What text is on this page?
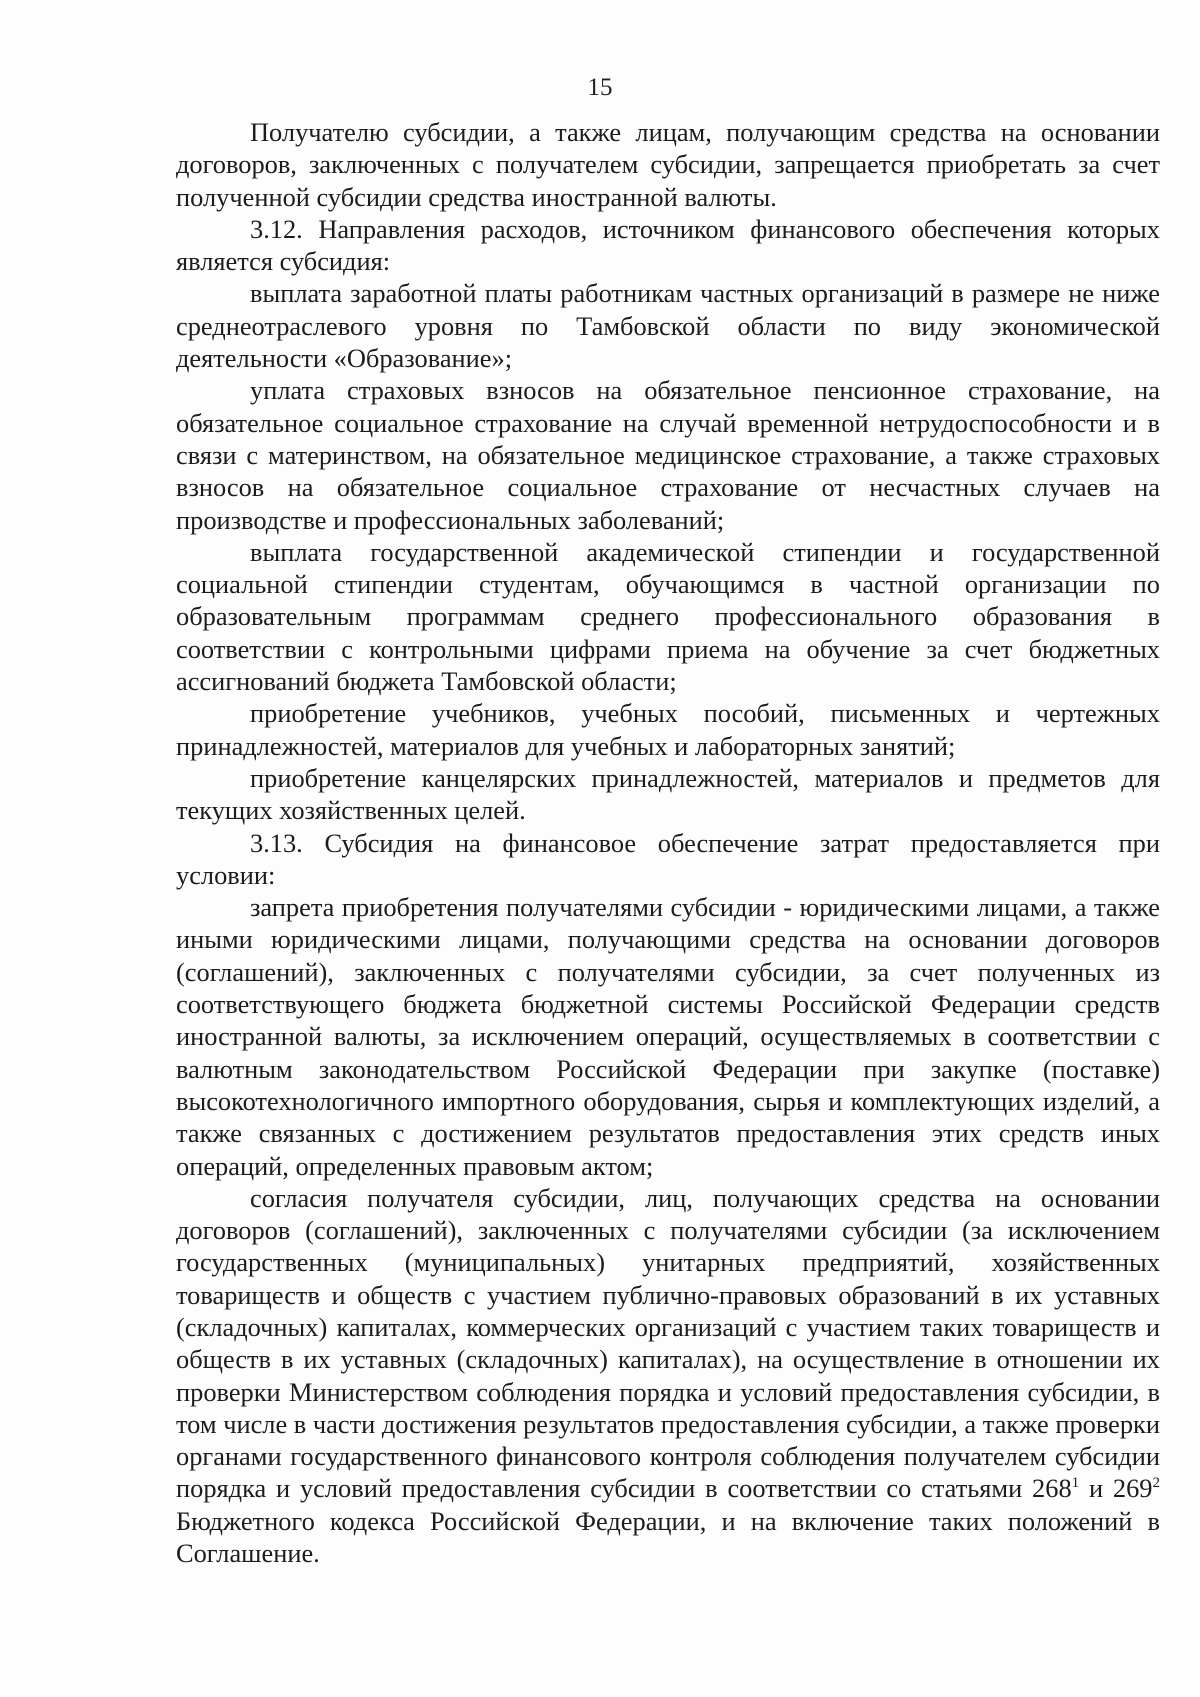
15

Получателю субсидии, а также лицам, получающим средства на основании договоров, заключенных с получателем субсидии, запрещается приобретать за счет полученной субсидии средства иностранной валюты.

3.12. Направления расходов, источником финансового обеспечения которых является субсидия:

выплата заработной платы работникам частных организаций в размере не ниже среднеотраслевого уровня по Тамбовской области по виду экономической деятельности «Образование»;

уплата страховых взносов на обязательное пенсионное страхование, на обязательное социальное страхование на случай временной нетрудоспособности и в связи с материнством, на обязательное медицинское страхование, а также страховых взносов на обязательное социальное страхование от несчастных случаев на производстве и профессиональных заболеваний;

выплата государственной академической стипендии и государственной социальной стипендии студентам, обучающимся в частной организации по образовательным программам среднего профессионального образования в соответствии с контрольными цифрами приема на обучение за счет бюджетных ассигнований бюджета Тамбовской области;

приобретение учебников, учебных пособий, письменных и чертежных принадлежностей, материалов для учебных и лабораторных занятий;

приобретение канцелярских принадлежностей, материалов и предметов для текущих хозяйственных целей.

3.13. Субсидия на финансовое обеспечение затрат предоставляется при условии:

запрета приобретения получателями субсидии - юридическими лицами, а также иными юридическими лицами, получающими средства на основании договоров (соглашений), заключенных с получателями субсидии, за счет полученных из соответствующего бюджета бюджетной системы Российской Федерации средств иностранной валюты, за исключением операций, осуществляемых в соответствии с валютным законодательством Российской Федерации при закупке (поставке) высокотехнологичного импортного оборудования, сырья и комплектующих изделий, а также связанных с достижением результатов предоставления этих средств иных операций, определенных правовым актом;

согласия получателя субсидии, лиц, получающих средства на основании договоров (соглашений), заключенных с получателями субсидии (за исключением государственных (муниципальных) унитарных предприятий, хозяйственных товариществ и обществ с участием публично-правовых образований в их уставных (складочных) капиталах, коммерческих организаций с участием таких товариществ и обществ в их уставных (складочных) капиталах), на осуществление в отношении их проверки Министерством соблюдения порядка и условий предоставления субсидии, в том числе в части достижения результатов предоставления субсидии, а также проверки органами государственного финансового контроля соблюдения получателем субсидии порядка и условий предоставления субсидии в соответствии со статьями $268^1$ и $269^2$ Бюджетного кодекса Российской Федерации, и на включение таких положений в Соглашение.
